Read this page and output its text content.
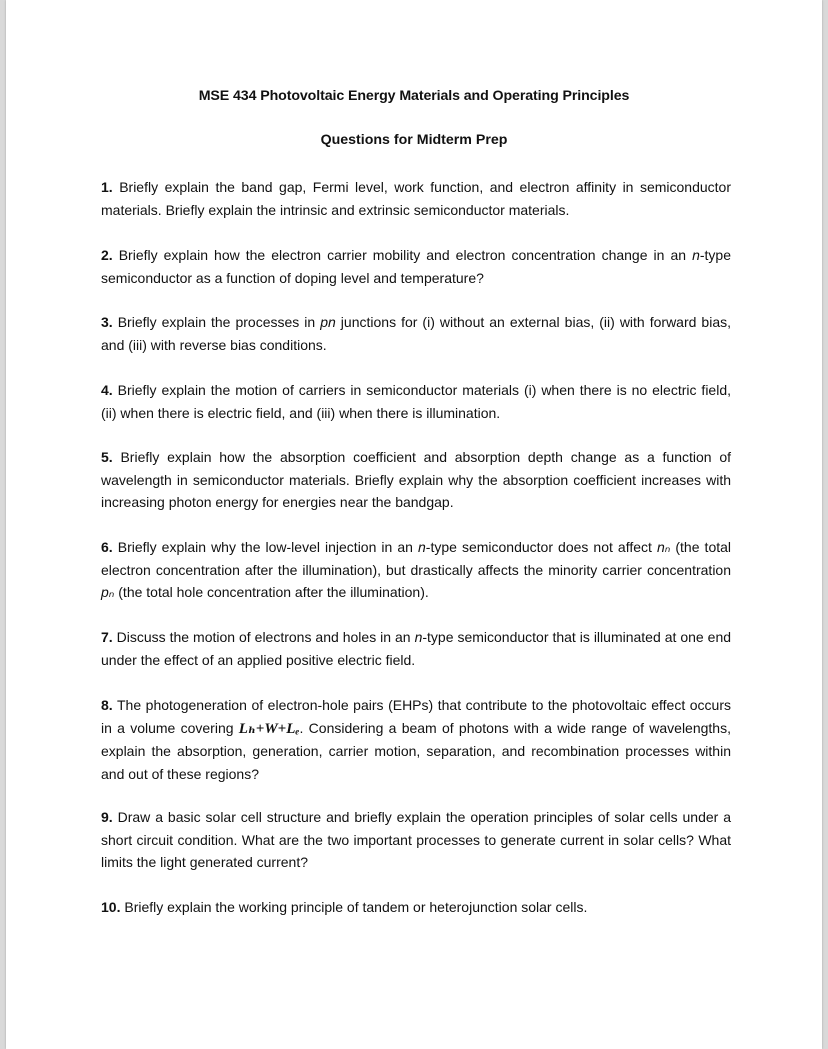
MSE 434 Photovoltaic Energy Materials and Operating Principles
Questions for Midterm Prep

1. Briefly explain the band gap, Fermi level, work function, and electron affinity in semiconductor materials. Briefly explain the intrinsic and extrinsic semiconductor materials.

2. Briefly explain how the electron carrier mobility and electron concentration change in an n-type semiconductor as a function of doping level and temperature?

3. Briefly explain the processes in pn junctions for (i) without an external bias, (ii) with forward bias, and (iii) with reverse bias conditions.

4. Briefly explain the motion of carriers in semiconductor materials (i) when there is no electric field, (ii) when there is electric field, and (iii) when there is illumination.

5. Briefly explain how the absorption coefficient and absorption depth change as a function of wavelength in semiconductor materials. Briefly explain why the absorption coefficient increases with increasing photon energy for energies near the bandgap.

6. Briefly explain why the low-level injection in an n-type semiconductor does not affect nₙ (the total electron concentration after the illumination), but drastically affects the minority carrier concentration pₙ (the total hole concentration after the illumination).

7. Discuss the motion of electrons and holes in an n-type semiconductor that is illuminated at one end under the effect of an applied positive electric field.

8. The photogeneration of electron-hole pairs (EHPs) that contribute to the photovoltaic effect occurs in a volume covering Lₕ+W+Lₑ. Considering a beam of photons with a wide range of wavelengths, explain the absorption, generation, carrier motion, separation, and recombination processes within and out of these regions?

9. Draw a basic solar cell structure and briefly explain the operation principles of solar cells under a short circuit condition. What are the two important processes to generate current in solar cells? What limits the light generated current?

10. Briefly explain the working principle of tandem or heterojunction solar cells.
